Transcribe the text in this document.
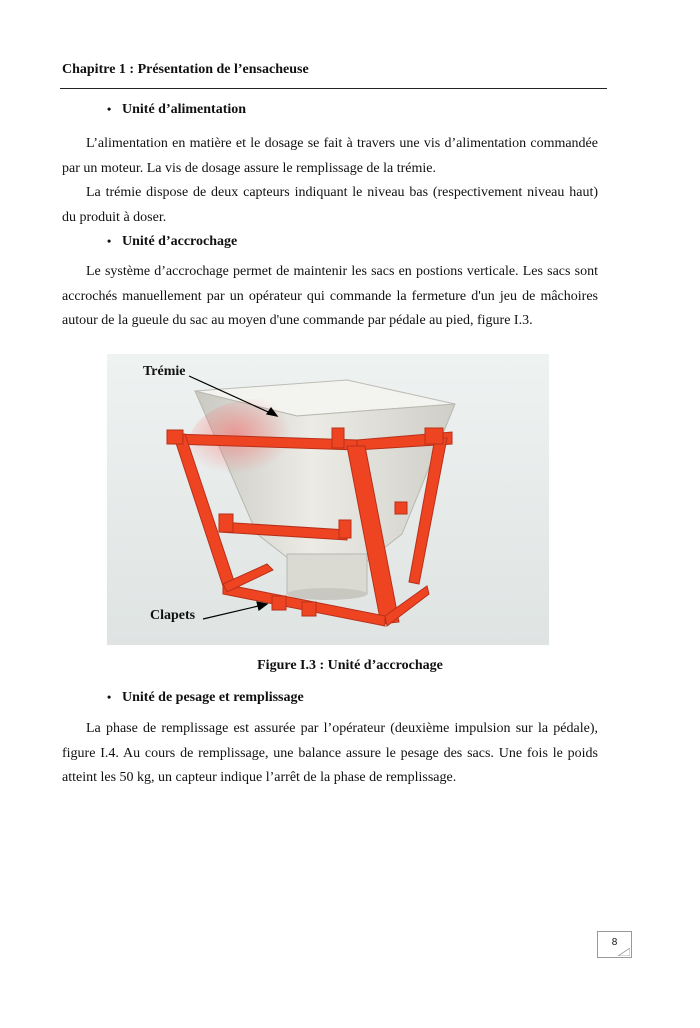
Chapitre 1 : Présentation de l’ensacheuse
• Unité d’alimentation
L’alimentation en matière et le dosage se fait à travers une vis d’alimentation commandée par un moteur. La vis de dosage assure le remplissage de la trémie.
La trémie dispose de deux capteurs indiquant le niveau bas (respectivement niveau haut) du produit à doser.
• Unité d’accrochage
Le système d’accrochage permet de maintenir les sacs en postions verticale. Les sacs sont accrochés manuellement par un opérateur qui commande la fermeture d'un jeu de mâchoires autour de la gueule du sac au moyen d'une commande par pédale au pied, figure I.3.
Trémie
Clapets
Figure I.3 : Unité d’accrochage
• Unité de pesage et remplissage
La phase de remplissage est assurée par l’opérateur (deuxième impulsion sur la pédale), figure I.4. Au cours de remplissage, une balance assure le pesage des sacs. Une fois le poids atteint les 50 kg, un capteur indique l’arrêt de la phase de remplissage.
8
